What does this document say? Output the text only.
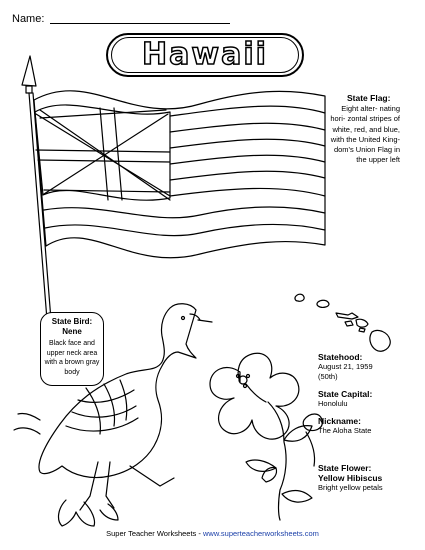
Name:
Hawaii
State Flag:
Eight alter- nating hori- zontal stripes of white, red, and blue, with the United King- dom's Union Flag in the upper left
State Bird:
Nene
Black face and upper neck area with a brown gray body
Statehood:
August 21, 1959
(50th)
State Capital:
Honolulu
Nickname:
The Aloha State
State Flower:
Yellow Hibiscus
Bright yellow petals
Super Teacher Worksheets - www.superteacherworksheets.com
